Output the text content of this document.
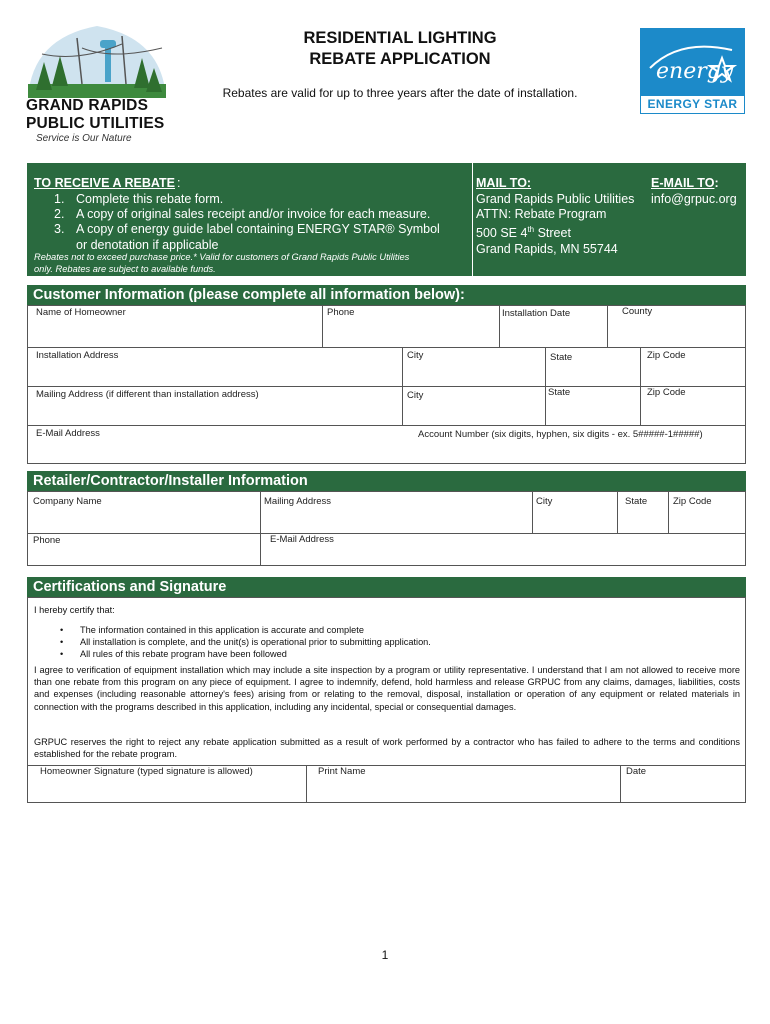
GRAND RAPIDS
PUBLIC UTILITIES
Service is Our Nature
RESIDENTIAL LIGHTING
REBATE APPLICATION
Rebates are valid for up to three years after the date of installation.
energy
ENERGY STAR
TO RECEIVE A REBATE :
1. Complete this rebate form.
2. A copy of original sales receipt and/or invoice for each measure.
3. A copy of energy guide label containing ENERGY STAR® Symbol
or denotation if applicable
Rebates not to exceed purchase price.* Valid for customers of Grand Rapids Public Utilities
only. Rebates are subject to available funds.
MAIL TO:
Grand Rapids Public Utilities
ATTN: Rebate Program
500 SE 4th Street
Grand Rapids, MN 55744
E-MAIL TO:
info@grpuc.org
Customer Information (please complete all information below):
Name of Homeowner	Phone	Installation Date	County
Installation Address	City	State	Zip Code
Mailing Address (if different than installation address)	City	State	Zip Code
E-Mail Address	Account Number (six digits, hyphen, six digits - ex. 5#####-1#####)
Retailer/Contractor/Installer Information
Company Name	Mailing Address	City	State	Zip Code
Phone	E-Mail Address
Certifications and Signature
I hereby certify that:
• The information contained in this application is accurate and complete
• All installation is complete, and the unit(s) is operational prior to submitting application.
• All rules of this rebate program have been followed
I agree to verification of equipment installation which may include a site inspection by a program or utility representative. I understand that I am not allowed to receive more than one rebate from this program on any piece of equipment. I agree to indemnify, defend, hold harmless and release GRPUC from any claims, damages, liabilities, costs and expenses (including reasonable attorney's fees) arising from or relating to the removal, disposal, installation or operation of any equipment or related materials in connection with the programs described in this application, including any incidental, special or consequential damages.
GRPUC reserves the right to reject any rebate application submitted as a result of work performed by a contractor who has failed to adhere to the terms and conditions established for the rebate program.
Homeowner Signature (typed signature is allowed)	Print Name	Date
1
